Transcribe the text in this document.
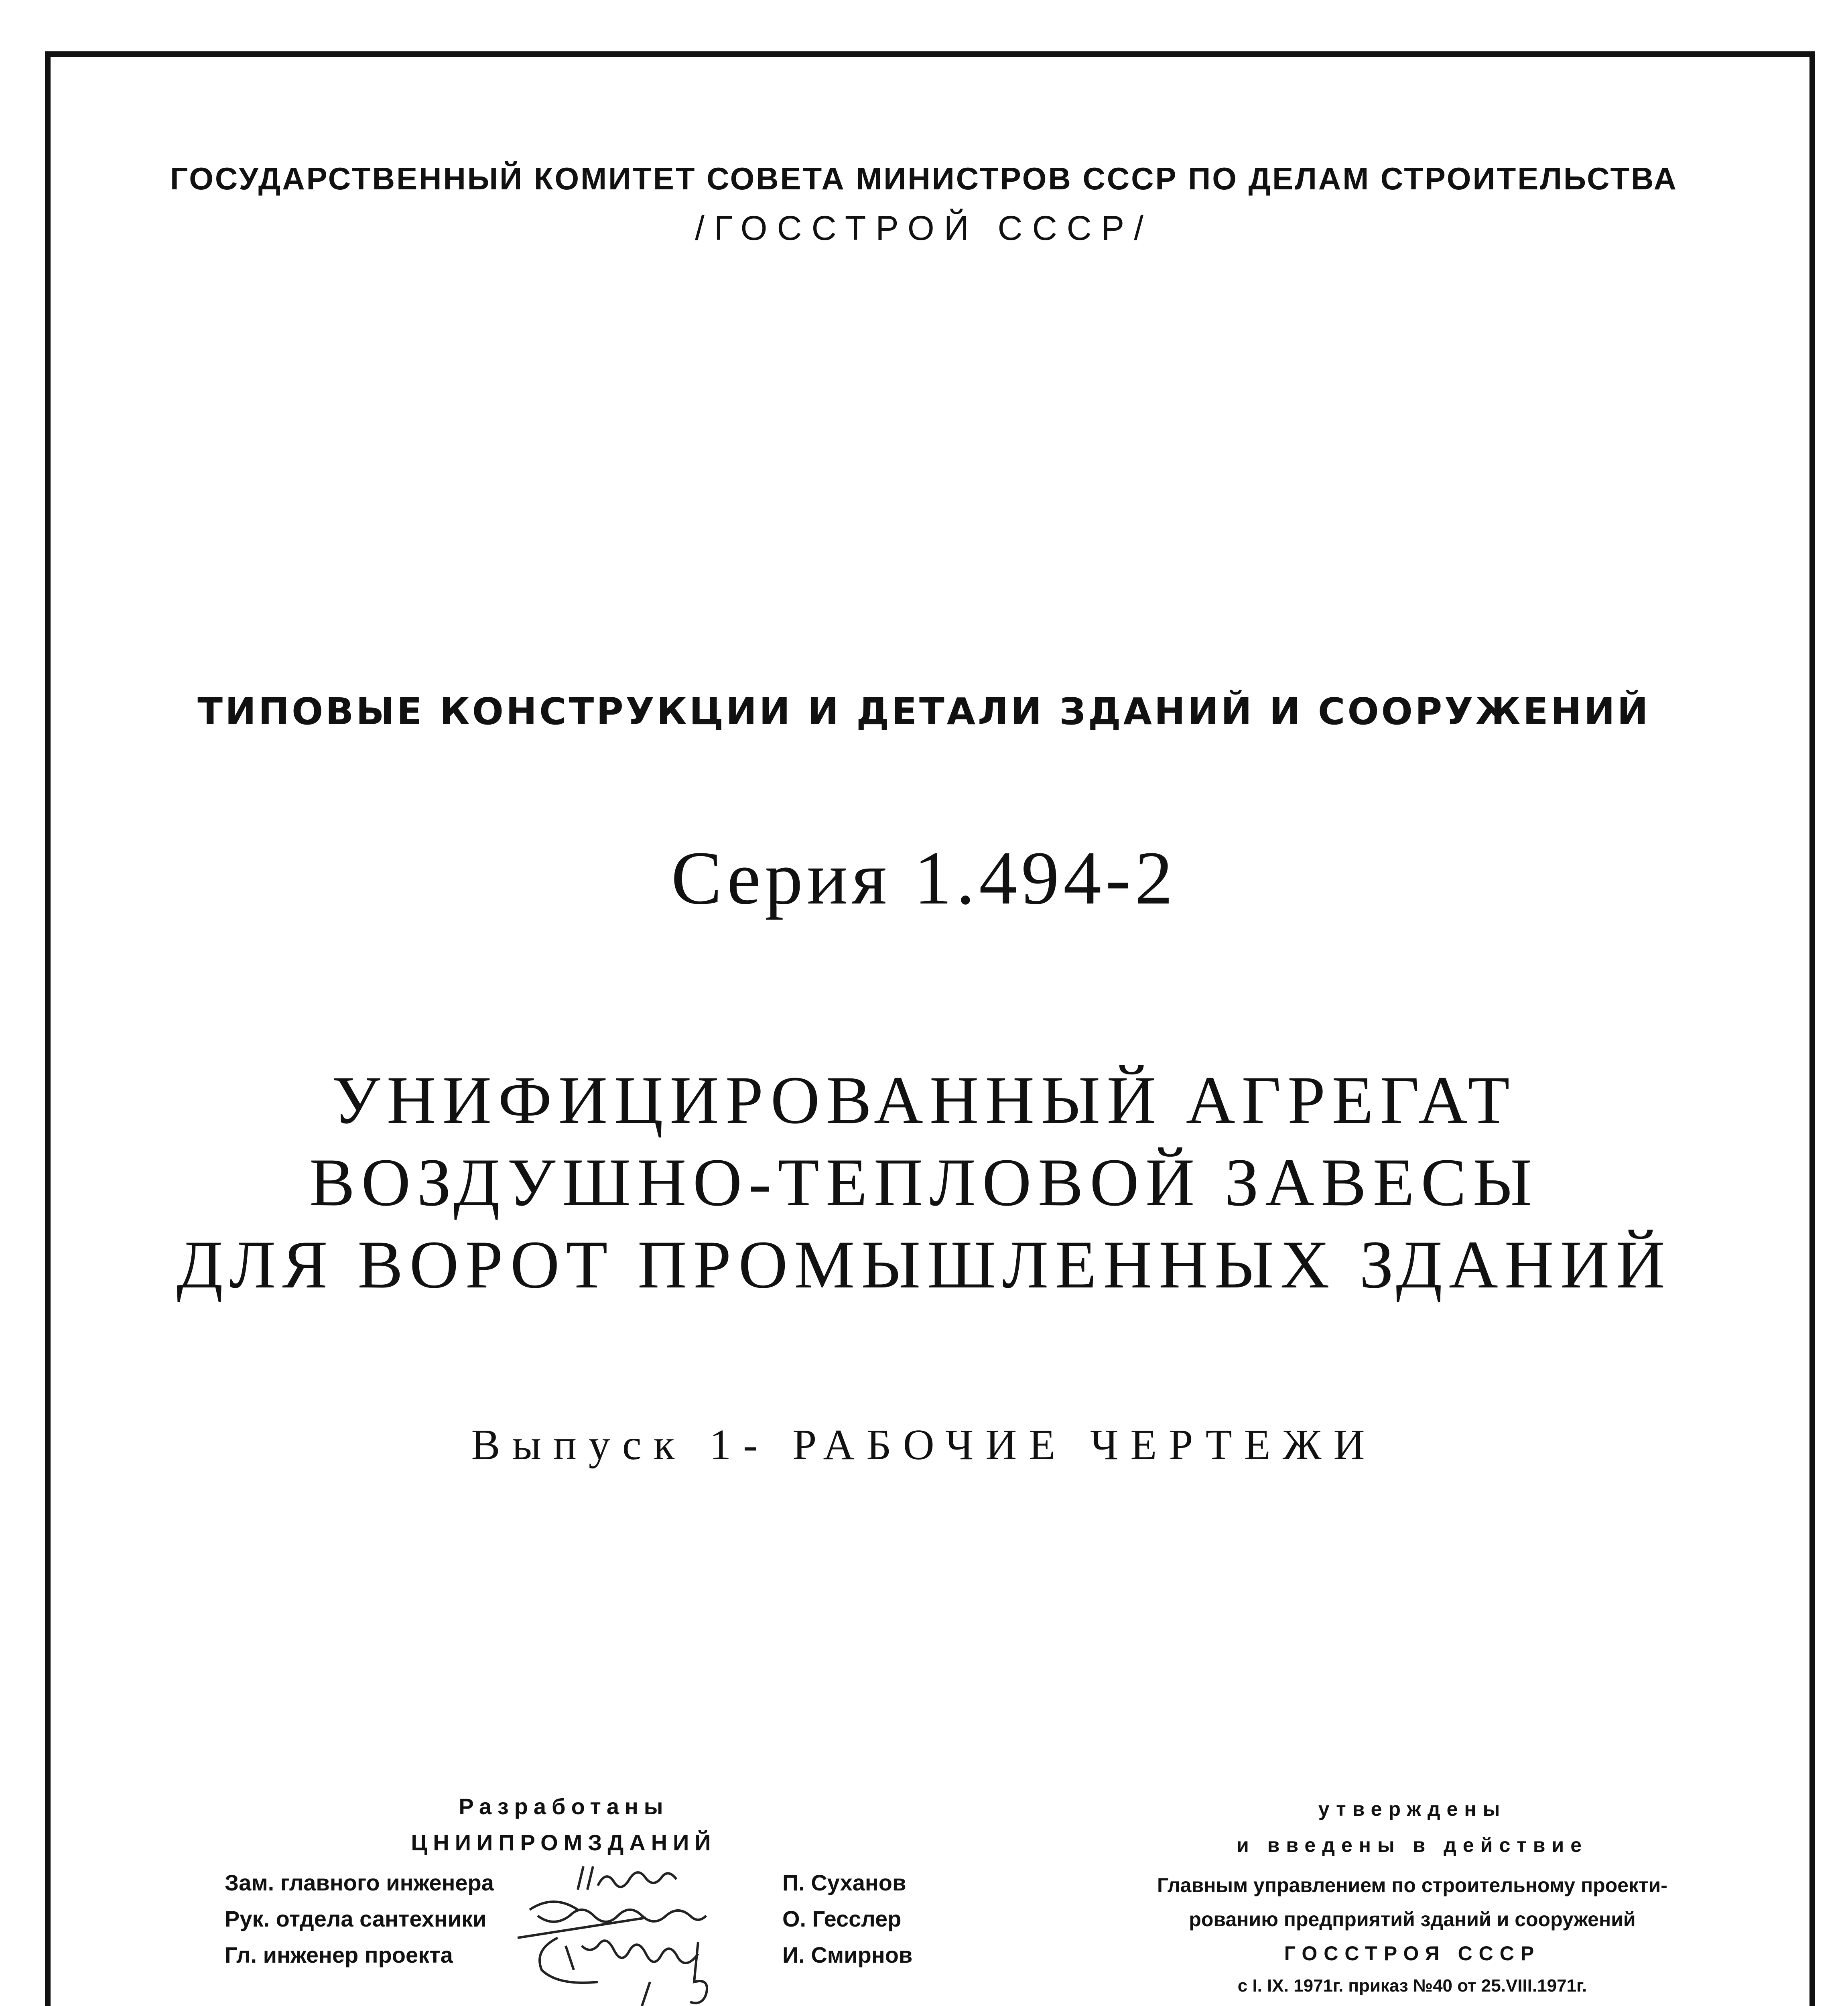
ГОСУДАРСТВЕННЫЙ КОМИТЕТ СОВЕТА МИНИСТРОВ СССР ПО ДЕЛАМ СТРОИТЕЛЬСТВА
/ГОССТРОЙ СССР/
ТИПОВЫЕ КОНСТРУКЦИИ И ДЕТАЛИ ЗДАНИЙ И СООРУЖЕНИЙ
Серия 1.494-2
УНИФИЦИРОВАННЫЙ АГРЕГАТ
ВОЗДУШНО-ТЕПЛОВОЙ ЗАВЕСЫ
ДЛЯ ВОРОТ ПРОМЫШЛЕННЫХ ЗДАНИЙ
Выпуск 1- РАБОЧИЕ ЧЕРТЕЖИ
Разработаны
ЦНИИПРОМЗДАНИЙ
Зам. главного инженера	П. Суханов
Рук. отдела сантехники	О. Гесслер
Гл. инженер проекта	И. Смирнов
утверждены
и введены в действие
Главным управлением по строительному проекти-
рованию предприятий зданий и сооружений
ГОССТРОЯ СССР
с I. IX. 1971г. приказ №40 от 25.VIII.1971г.
